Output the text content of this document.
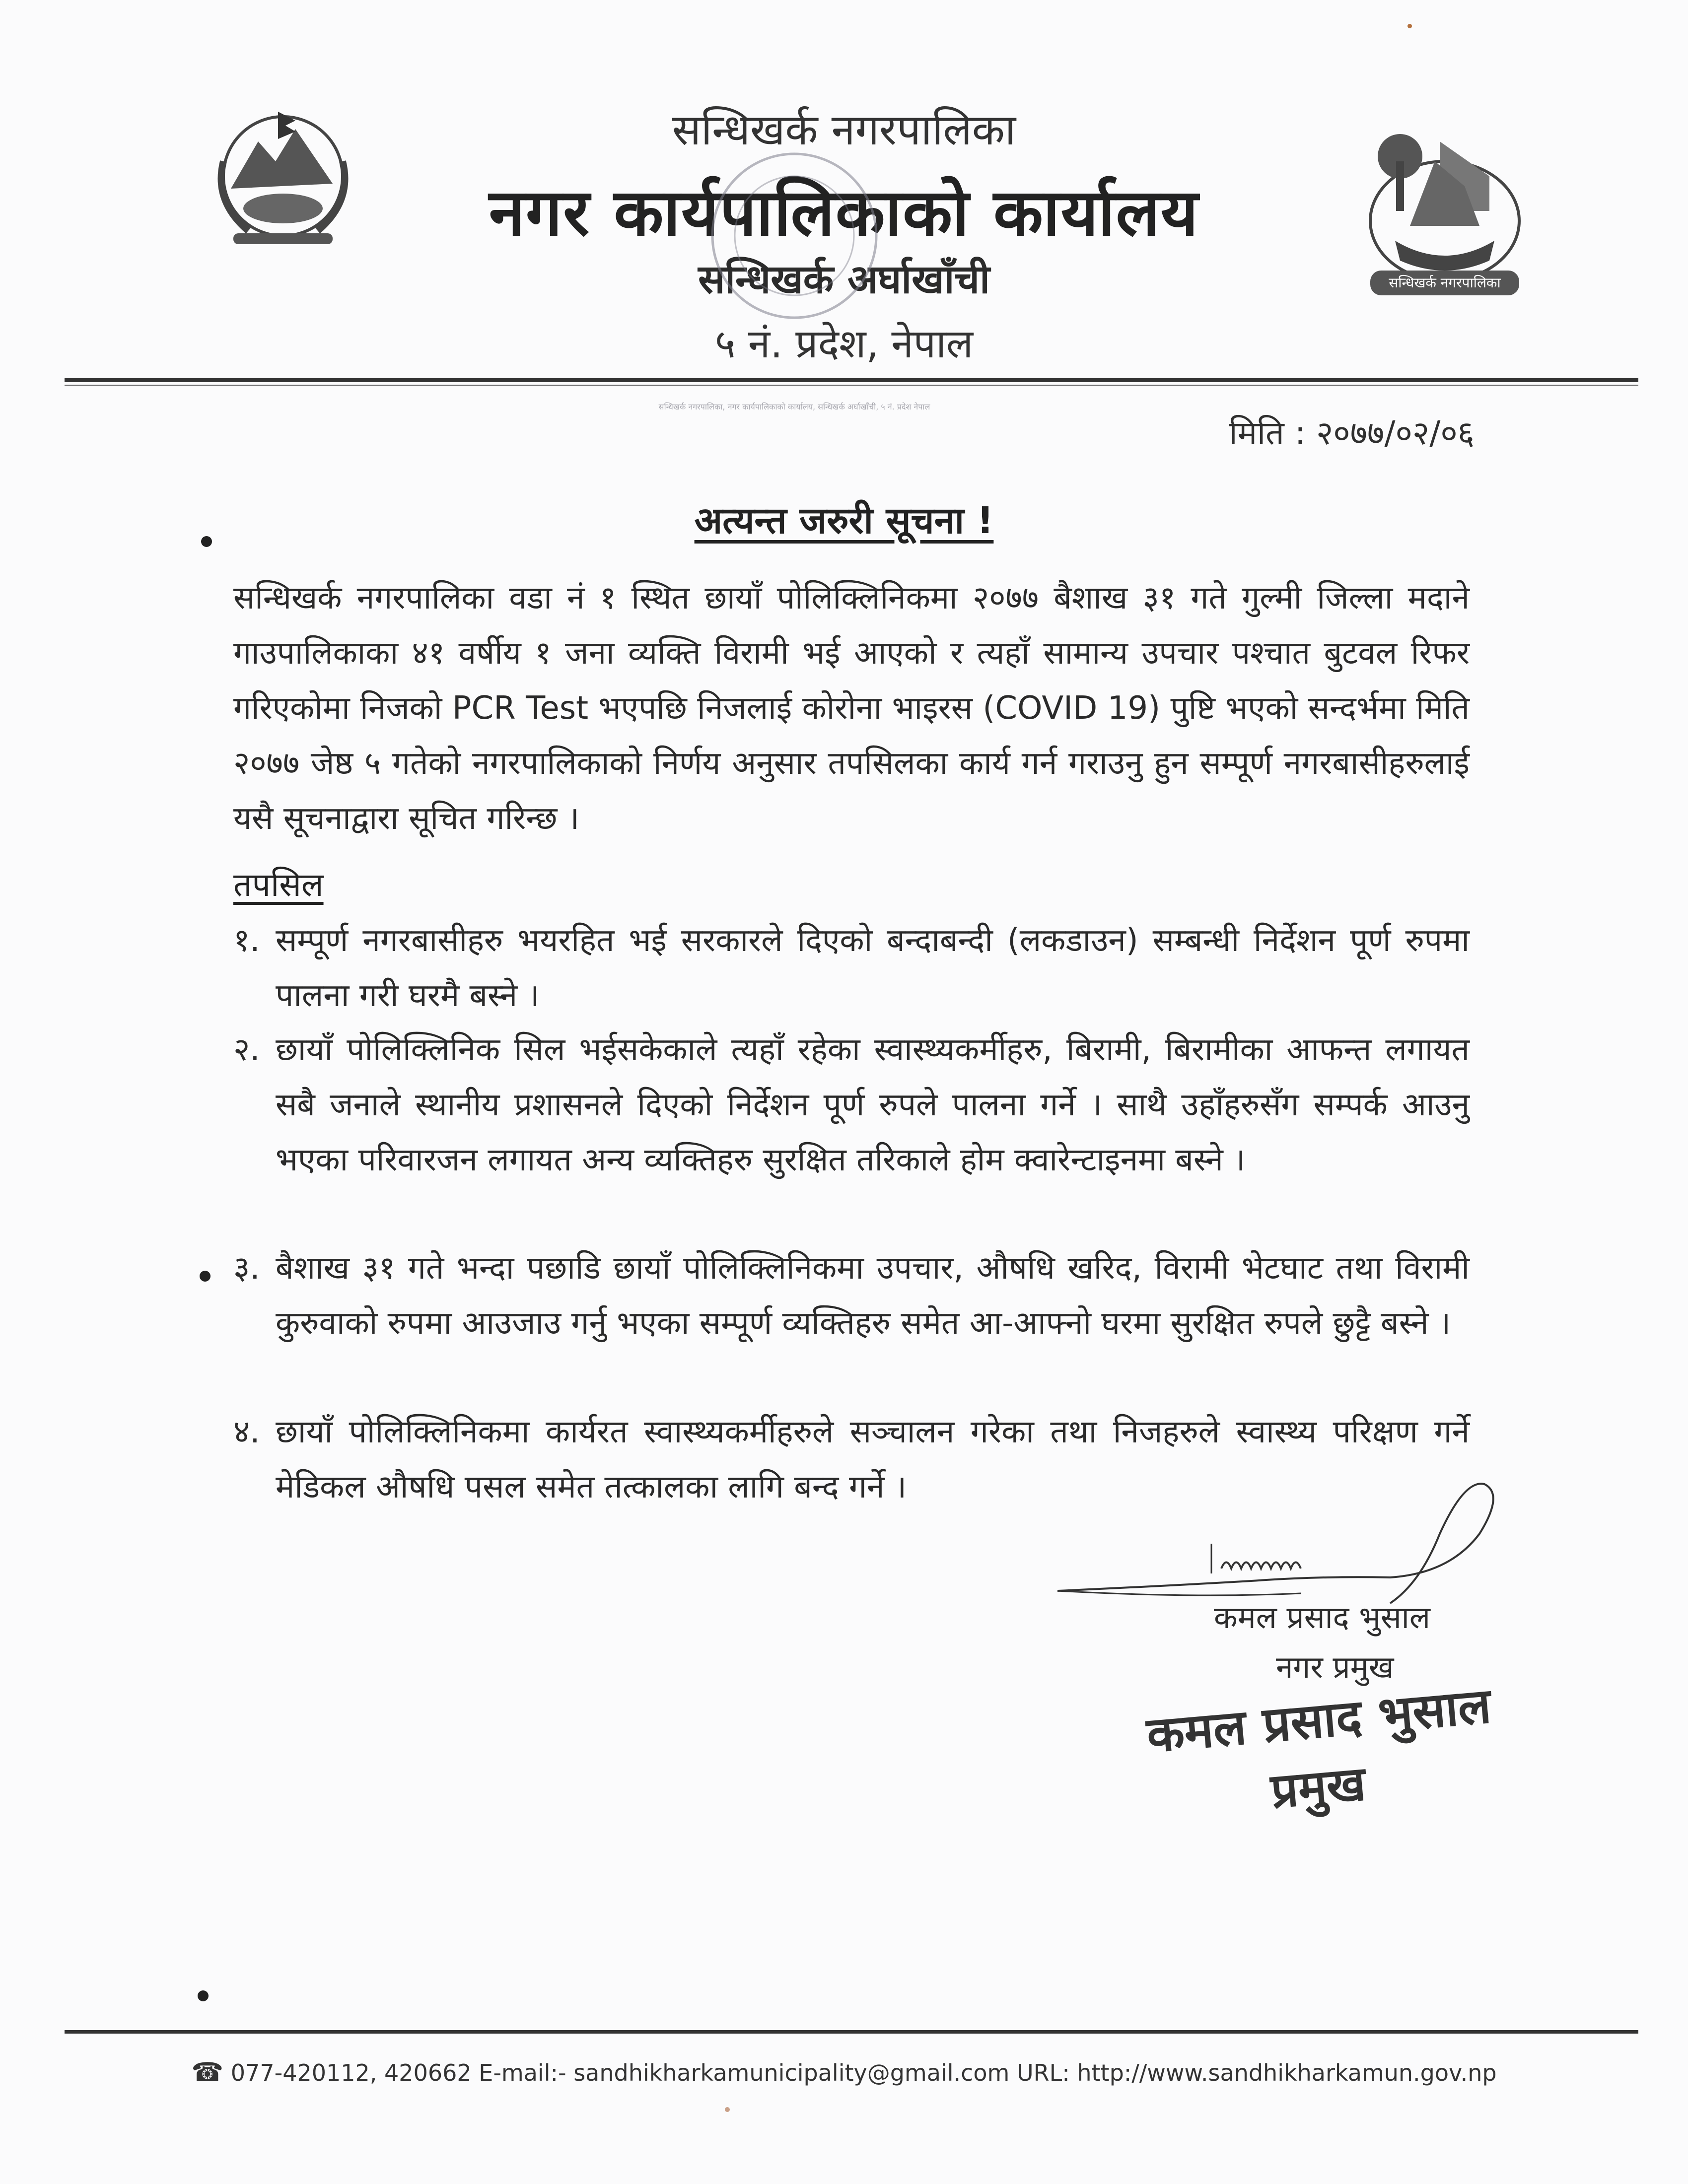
सन्धिखर्क नगरपालिका
सन्धिखर्क नगरपालिका
नगर कार्यपालिकाको कार्यालय
सन्धिखर्क अर्घाखाँची
५ नं. प्रदेश, नेपाल
सन्धिखर्क नगरपालिका, नगर कार्यपालिकाको कार्यालय, सन्धिखर्क अर्घाखाँची, ५ नं. प्रदेश नेपाल
मिति : २०७७/०२/०६
अत्यन्त जरुरी सूचना !
सन्धिखर्क नगरपालिका वडा नं १ स्थित छायाँ पोलिक्लिनिकमा २०७७ बैशाख ३१ गते गुल्मी जिल्ला मदाने गाउपालिकाका ४१ वर्षीय १ जना व्यक्ति विरामी भई आएको र त्यहाँ सामान्य उपचार पश्चात बुटवल रिफर गरिएकोमा निजको PCR Test भएपछि निजलाई कोरोना भाइरस (COVID 19) पुष्टि भएको सन्दर्भमा मिति २०७७ जेष्ठ ५ गतेको नगरपालिकाको निर्णय अनुसार तपसिलका कार्य गर्न गराउनु हुन सम्पूर्ण नगरबासीहरुलाई यसै सूचनाद्वारा सूचित गरिन्छ ।
तपसिल
१. सम्पूर्ण नगरबासीहरु भयरहित भई सरकारले दिएको बन्दाबन्दी (लकडाउन) सम्बन्धी निर्देशन पूर्ण रुपमा पालना गरी घरमै बस्ने ।
२. छायाँ पोलिक्लिनिक सिल भईसकेकाले त्यहाँ रहेका स्वास्थ्यकर्मीहरु, बिरामी, बिरामीका आफन्त लगायत सबै जनाले स्थानीय प्रशासनले दिएको निर्देशन पूर्ण रुपले पालना गर्ने । साथै उहाँहरुसँग सम्पर्क आउनु भएका परिवारजन लगायत अन्य व्यक्तिहरु सुरक्षित तरिकाले होम क्वारेन्टाइनमा बस्ने ।
३. बैशाख ३१ गते भन्दा पछाडि छायाँ पोलिक्लिनिकमा उपचार, औषधि खरिद, विरामी भेटघाट तथा विरामी कुरुवाको रुपमा आउजाउ गर्नु भएका सम्पूर्ण व्यक्तिहरु समेत आ-आफ्नो घरमा सुरक्षित रुपले छुट्टै बस्ने ।
४. छायाँ पोलिक्लिनिकमा कार्यरत स्वास्थ्यकर्मीहरुले सञ्चालन गरेका तथा निजहरुले स्वास्थ्य परिक्षण गर्ने मेडिकल औषधि पसल समेत तत्कालका लागि बन्द गर्ने ।
कमल प्रसाद भुसाल
नगर प्रमुख
कमल प्रसाद भुसाल
प्रमुख
☎ 077-420112, 420662 E-mail:- sandhikharkamunicipality@gmail.com URL: http://www.sandhikharkamun.gov.np
